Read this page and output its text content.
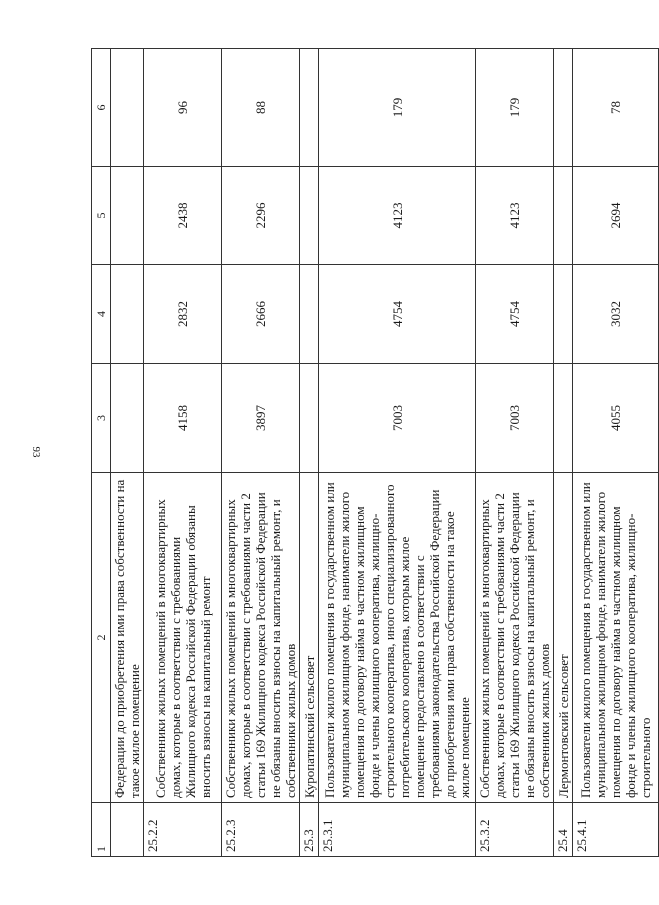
93
1	2	3	4	5	6
	Федерации до приобретения ими права собственности на такое жилое помещение				
25.2.2	Собственники жилых помещений в многоквартирных домах, которые в соответствии с требованиями Жилищного кодекса Российской Федерации обязаны вносить взносы на капитальный ремонт	4158	2832	2438	96
25.2.3	Собственники жилых помещений в многоквартирных домах, которые в соответствии с требованиями части 2 статьи 169 Жилищного кодекса Российской Федерации не обязаны вносить взносы на капитальный ремонт, и собственники жилых домов	3897	2666	2296	88
25.3	Куропатинский сельсовет				
25.3.1	Пользователи жилого помещения в государственном или муниципальном жилищном фонде, наниматели жилого помещения по договору найма в частном жилищном фонде и члены жилищного кооператива, жилищно-строительного кооператива, иного специализированного потребительского кооператива, которым жилое помещение предоставлено в соответствии с требованиями законодательства Российской Федерации до приобретения ими права собственности на такое жилое помещение	7003	4754	4123	179
25.3.2	Собственники жилых помещений в многоквартирных домах, которые в соответствии с требованиями части 2 статьи 169 Жилищного кодекса Российской Федерации не обязаны вносить взносы на капитальный ремонт, и собственники жилых домов	7003	4754	4123	179
25.4	Лермонтовский сельсовет				
25.4.1	Пользователи жилого помещения в государственном или муниципальном жилищном фонде, наниматели жилого помещения по договору найма в частном жилищном фонде и члены жилищного кооператива, жилищно-строительного	4055	3032	2694	78
